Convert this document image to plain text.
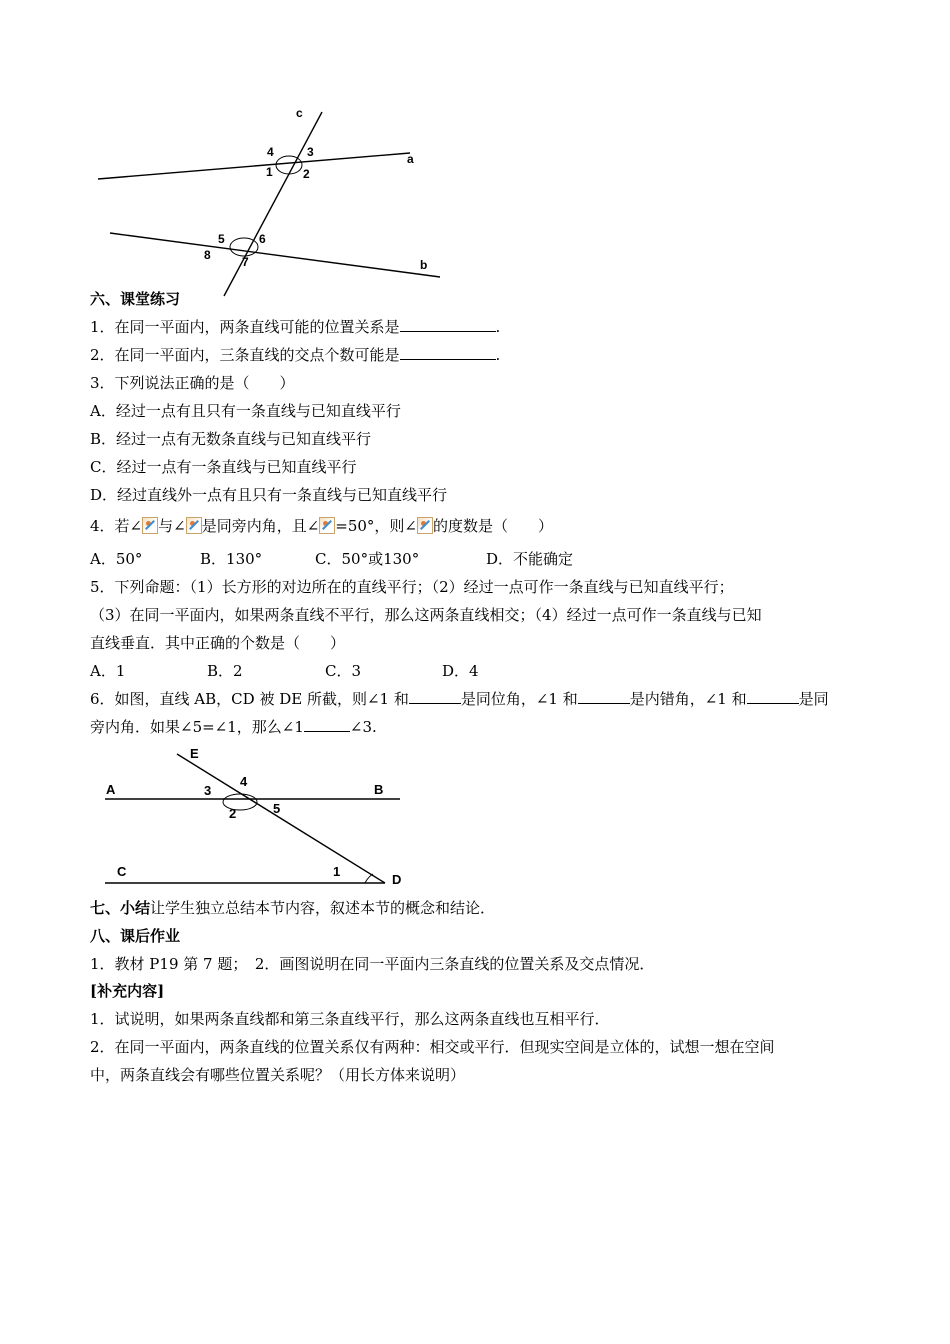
c
a
b
4	3
1	2
5	6
8	7
六、课堂练习
1．在同一平面内，两条直线可能的位置关系是	.
2．在同一平面内，三条直线的交点个数可能是	.
3．下列说法正确的是（　　）
A．经过一点有且只有一条直线与已知直线平行
B．经过一点有无数条直线与已知直线平行
C．经过一点有一条直线与已知直线平行
D．经过直线外一点有且只有一条直线与已知直线平行
4．若∠ 与∠ 是同旁内角，且∠ =50°，则∠ 的度数是（　　）
A．50°	B．130°	C．50°或130°	D．不能确定
5．下列命题：（1）长方形的对边所在的直线平行；（2）经过一点可作一条直线与已知直线平行；
（3）在同一平面内，如果两条直线不平行，那么这两条直线相交；（4）经过一点可作一条直线与已知
直线垂直．其中正确的个数是（　　）
A．1	B．2	C．3	D．4
6．如图，直线 AB，CD 被 DE 所截，则∠1 和	是同位角，∠1 和	是内错角，∠1 和	是同
旁内角．如果∠5=∠1，那么∠1	∠3.
E
A	B
C
D
4
3
5
2
1
七、小结让学生独立总结本节内容，叙述本节的概念和结论．
八、课后作业
1．教材 P19 第 7 题；　2．画图说明在同一平面内三条直线的位置关系及交点情况．
[补充内容]
1．试说明，如果两条直线都和第三条直线平行，那么这两条直线也互相平行．
2．在同一平面内，两条直线的位置关系仅有两种：相交或平行．但现实空间是立体的，试想一想在空间
中，两条直线会有哪些位置关系呢？（用长方体来说明）
